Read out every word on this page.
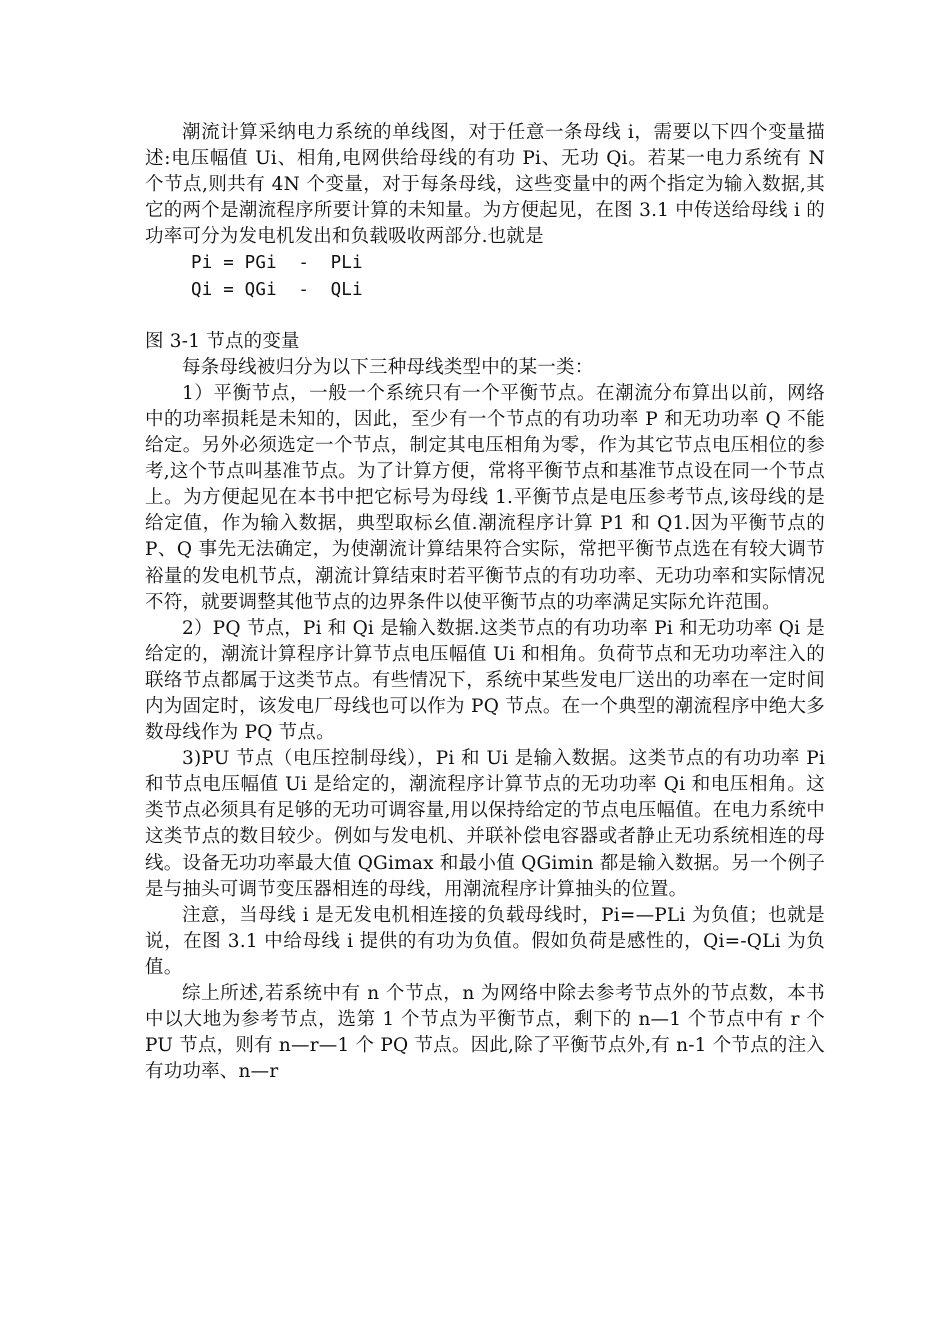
潮流计算采纳电力系统的单线图，对于任意一条母线 i，需要以下四个变量描述:电压幅值 Ui、相角,电网供给母线的有功 Pi、无功 Qi。若某一电力系统有 N 个节点,则共有 4N 个变量，对于每条母线，这些变量中的两个指定为输入数据,其它的两个是潮流程序所要计算的未知量。为方便起见，在图 3.1 中传送给母线 i 的功率可分为发电机发出和负载吸收两部分.也就是

Pi = PGi  -  PLi

Qi = QGi  -  QLi

图 3-1 节点的变量

每条母线被归分为以下三种母线类型中的某一类：

1）平衡节点，一般一个系统只有一个平衡节点。在潮流分布算出以前，网络中的功率损耗是未知的，因此，至少有一个节点的有功功率 P 和无功功率 Q 不能给定。另外必须选定一个节点，制定其电压相角为零，作为其它节点电压相位的参考,这个节点叫基准节点。为了计算方便，常将平衡节点和基准节点设在同一个节点上。为方便起见在本书中把它标号为母线 1.平衡节点是电压参考节点,该母线的是给定值，作为输入数据，典型取标幺值.潮流程序计算 P1 和 Q1.因为平衡节点的 P、Q 事先无法确定，为使潮流计算结果符合实际，常把平衡节点选在有较大调节裕量的发电机节点，潮流计算结束时若平衡节点的有功功率、无功功率和实际情况不符，就要调整其他节点的边界条件以使平衡节点的功率满足实际允许范围。

2）PQ 节点，Pi 和 Qi 是输入数据.这类节点的有功功率 Pi 和无功功率 Qi 是给定的，潮流计算程序计算节点电压幅值 Ui 和相角。负荷节点和无功功率注入的联络节点都属于这类节点。有些情况下，系统中某些发电厂送出的功率在一定时间内为固定时，该发电厂母线也可以作为 PQ 节点。在一个典型的潮流程序中绝大多数母线作为 PQ 节点。

3)PU 节点（电压控制母线），Pi 和 Ui 是输入数据。这类节点的有功功率 Pi 和节点电压幅值 Ui 是给定的，潮流程序计算节点的无功功率 Qi 和电压相角。这类节点必须具有足够的无功可调容量,用以保持给定的节点电压幅值。在电力系统中这类节点的数目较少。例如与发电机、并联补偿电容器或者静止无功系统相连的母线。设备无功功率最大值 QGimax 和最小值 QGimin 都是输入数据。另一个例子是与抽头可调节变压器相连的母线，用潮流程序计算抽头的位置。

注意，当母线 i 是无发电机相连接的负载母线时，Pi=—PLi 为负值；也就是说，在图 3.1 中给母线 i 提供的有功为负值。假如负荷是感性的，Qi=-QLi 为负值。

综上所述,若系统中有 n 个节点，n 为网络中除去参考节点外的节点数，本书中以大地为参考节点，选第 1 个节点为平衡节点，剩下的 n—1 个节点中有 r 个 PU 节点，则有 n—r—1 个 PQ 节点。因此,除了平衡节点外,有 n-1 个节点的注入有功功率、n—r
